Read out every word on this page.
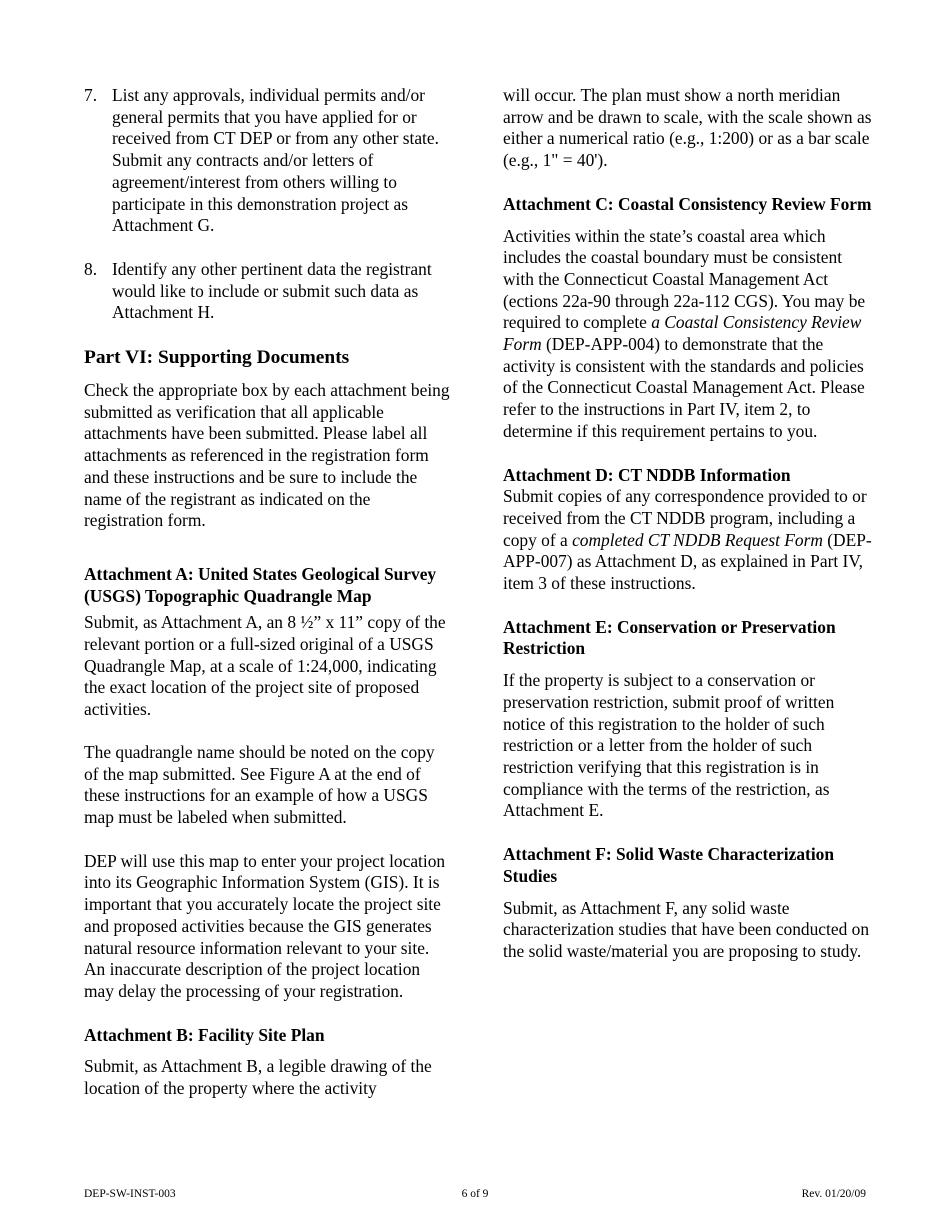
7. List any approvals, individual permits and/or general permits that you have applied for or received from CT DEP or from any other state. Submit any contracts and/or letters of agreement/interest from others willing to participate in this demonstration project as Attachment G.

8. Identify any other pertinent data the registrant would like to include or submit such data as Attachment H.

Part VI: Supporting Documents

Check the appropriate box by each attachment being submitted as verification that all applicable attachments have been submitted. Please label all attachments as referenced in the registration form and these instructions and be sure to include the name of the registrant as indicated on the registration form.

Attachment A: United States Geological Survey (USGS) Topographic Quadrangle Map

Submit, as Attachment A, an 8 ½” x 11” copy of the relevant portion or a full-sized original of a USGS Quadrangle Map, at a scale of 1:24,000, indicating the exact location of the project site of proposed activities.

The quadrangle name should be noted on the copy of the map submitted. See Figure A at the end of these instructions for an example of how a USGS map must be labeled when submitted.

DEP will use this map to enter your project location into its Geographic Information System (GIS). It is important that you accurately locate the project site and proposed activities because the GIS generates natural resource information relevant to your site. An inaccurate description of the project location may delay the processing of your registration.

Attachment B: Facility Site Plan

Submit, as Attachment B, a legible drawing of the location of the property where the activity

will occur. The plan must show a north meridian arrow and be drawn to scale, with the scale shown as either a numerical ratio (e.g., 1:200) or as a bar scale (e.g., 1" = 40').

Attachment C: Coastal Consistency Review Form

Activities within the state’s coastal area which includes the coastal boundary must be consistent with the Connecticut Coastal Management Act (ections 22a-90 through 22a-112 CGS). You may be required to complete a Coastal Consistency Review Form (DEP-APP-004) to demonstrate that the activity is consistent with the standards and policies of the Connecticut Coastal Management Act. Please refer to the instructions in Part IV, item 2, to determine if this requirement pertains to you.

Attachment D: CT NDDB Information

Submit copies of any correspondence provided to or received from the CT NDDB program, including a copy of a completed CT NDDB Request Form (DEP-APP-007) as Attachment D, as explained in Part IV, item 3 of these instructions.

Attachment E: Conservation or Preservation Restriction

If the property is subject to a conservation or preservation restriction, submit proof of written notice of this registration to the holder of such restriction or a letter from the holder of such restriction verifying that this registration is in compliance with the terms of the restriction, as Attachment E.

Attachment F: Solid Waste Characterization Studies

Submit, as Attachment F, any solid waste characterization studies that have been conducted on the solid waste/material you are proposing to study.

DEP-SW-INST-003	6 of 9	Rev. 01/20/09
